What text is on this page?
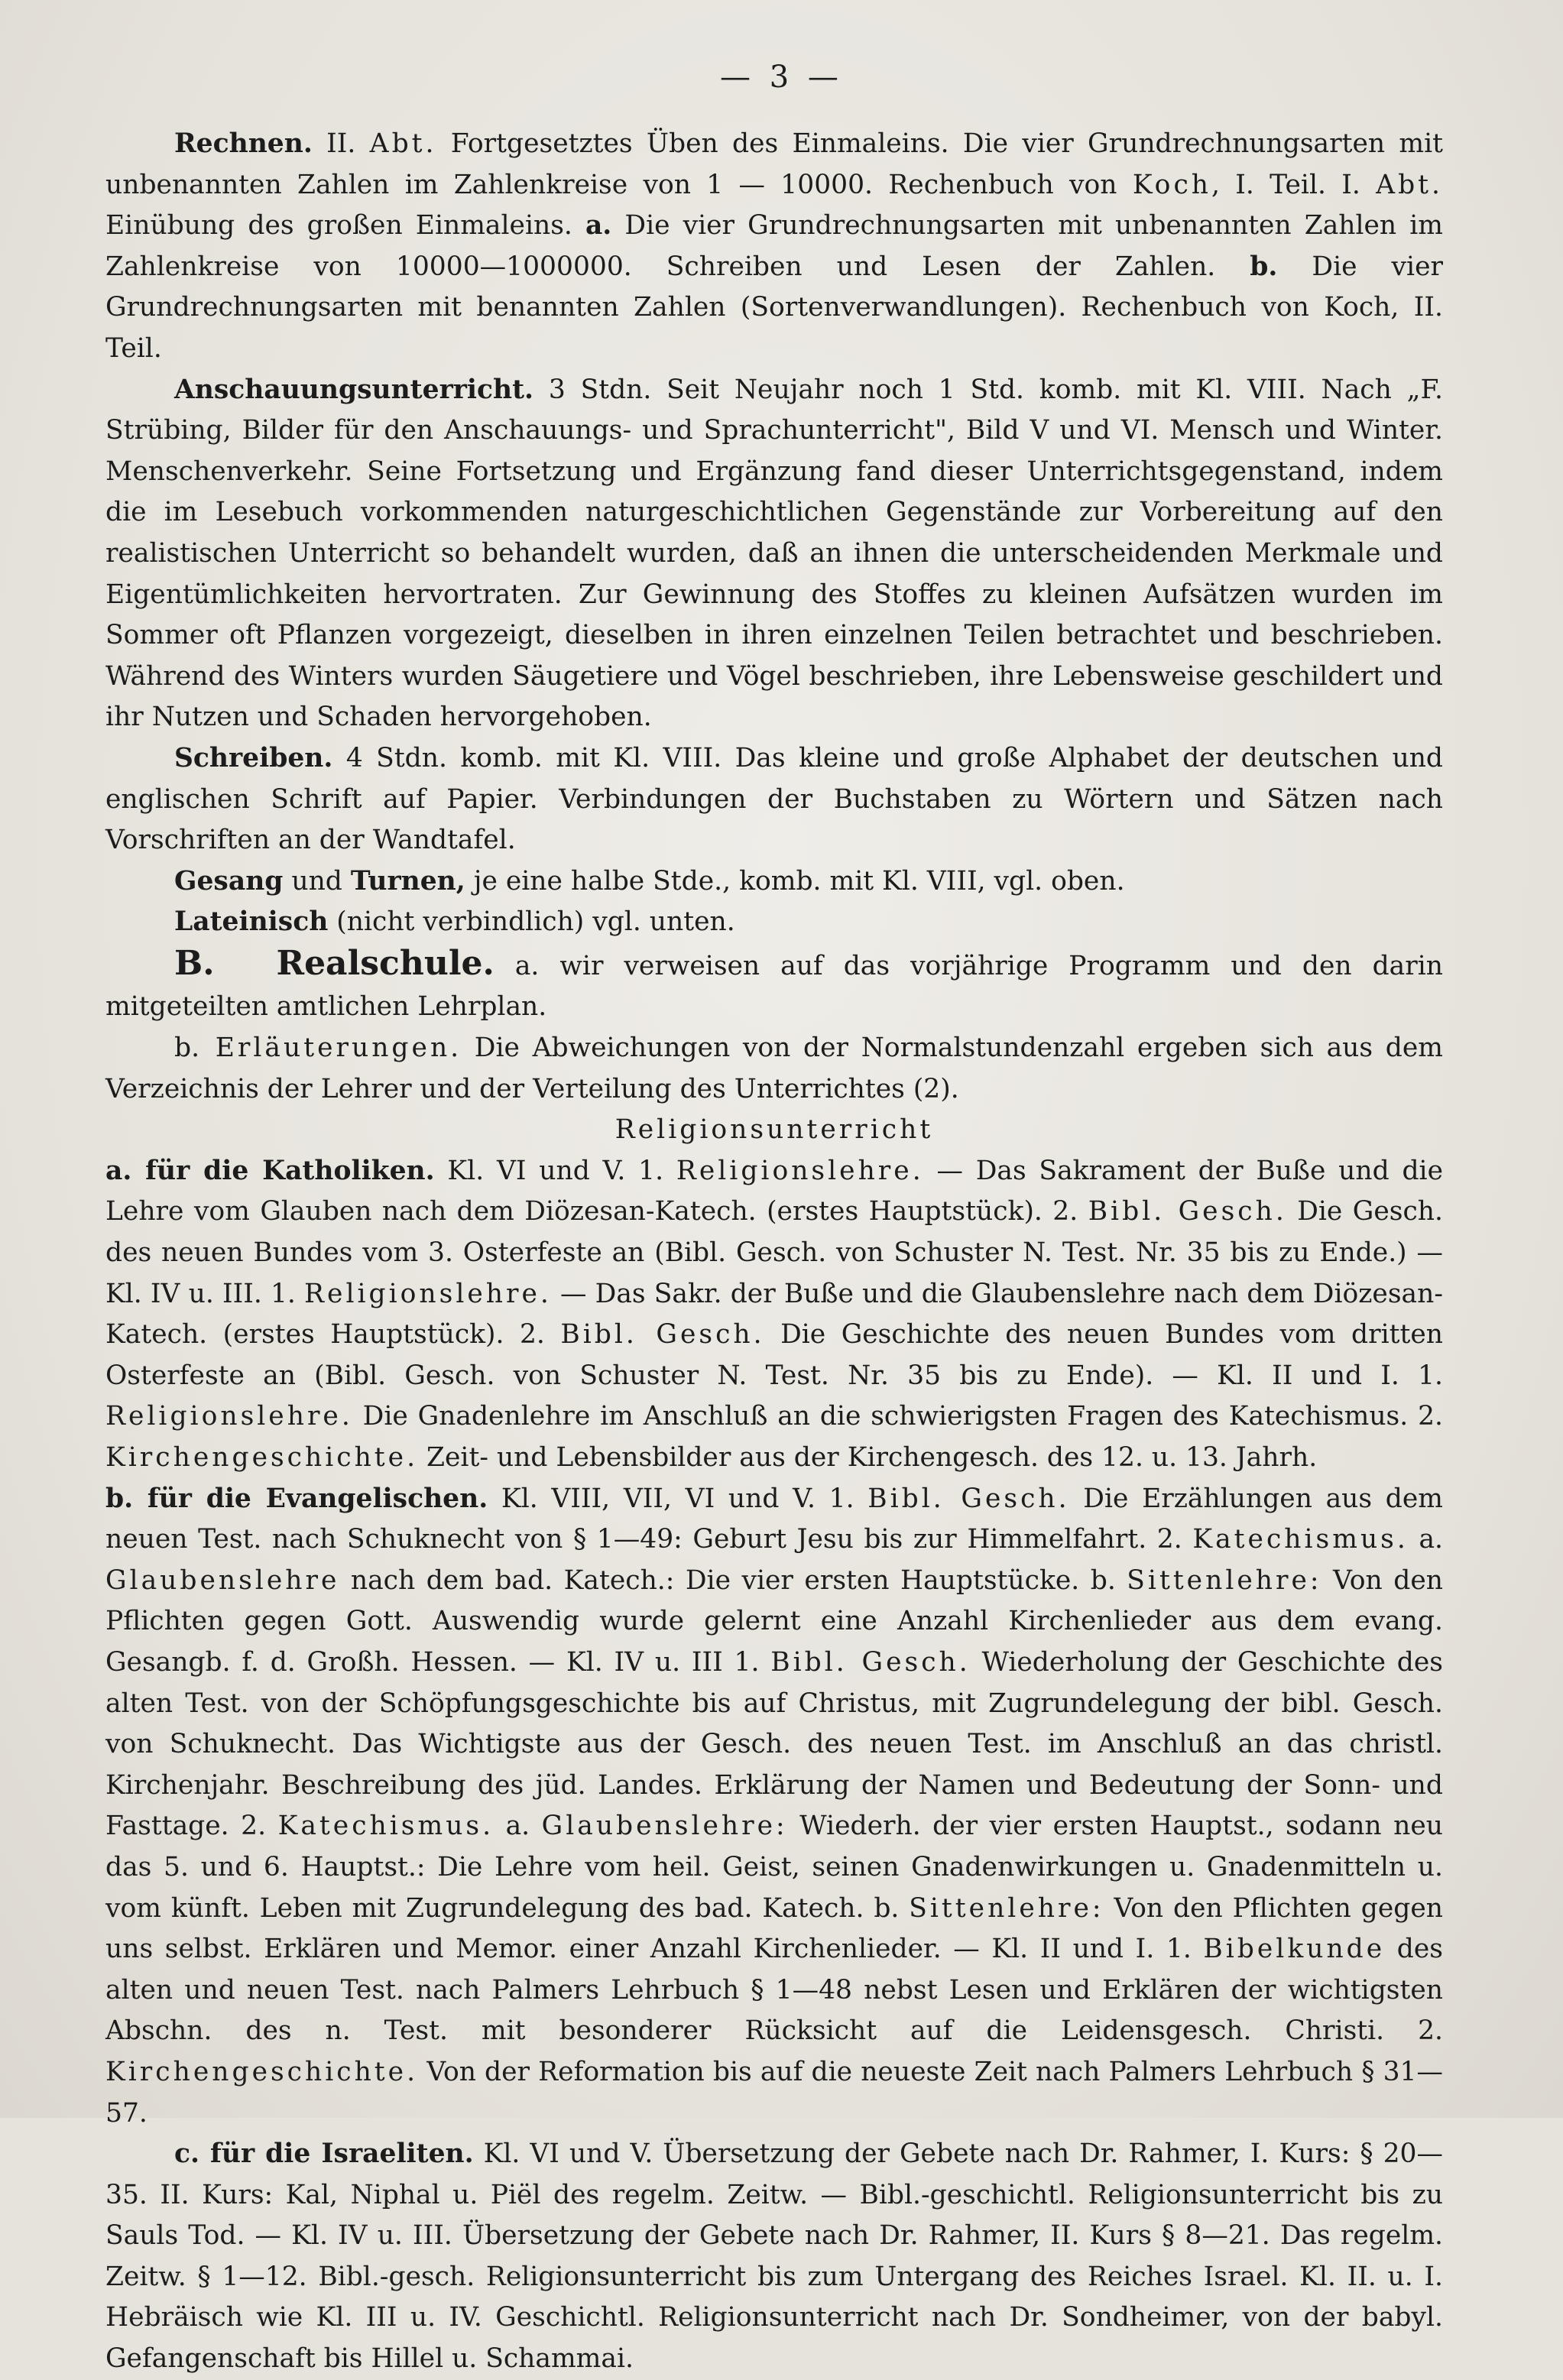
— 3 —

Rechnen. II. Abt. Fortgesetztes Üben des Einmaleins. Die vier Grundrechnungsarten mit unbenannten Zahlen im Zahlenkreise von 1 — 10000. Rechenbuch von Koch, I. Teil. I. Abt. Einübung des großen Einmaleins. a. Die vier Grundrechnungsarten mit unbenannten Zahlen im Zahlenkreise von 10000—1000000. Schreiben und Lesen der Zahlen. b. Die vier Grundrechnungsarten mit benannten Zahlen (Sortenverwandlungen). Rechenbuch von Koch, II. Teil.

Anschauungsunterricht. 3 Stdn. Seit Neujahr noch 1 Std. komb. mit Kl. VIII. Nach „F. Strübing, Bilder für den Anschauungs- und Sprachunterricht", Bild V und VI. Mensch und Winter. Menschenverkehr. Seine Fortsetzung und Ergänzung fand dieser Unterrichtsgegenstand, indem die im Lesebuch vorkommenden naturgeschichtlichen Gegenstände zur Vorbereitung auf den realistischen Unterricht so behandelt wurden, daß an ihnen die unterscheidenden Merkmale und Eigentümlichkeiten hervortraten. Zur Gewinnung des Stoffes zu kleinen Aufsätzen wurden im Sommer oft Pflanzen vorgezeigt, dieselben in ihren einzelnen Teilen betrachtet und beschrieben. Während des Winters wurden Säugetiere und Vögel beschrieben, ihre Lebensweise geschildert und ihr Nutzen und Schaden hervorgehoben.

Schreiben. 4 Stdn. komb. mit Kl. VIII. Das kleine und große Alphabet der deutschen und englischen Schrift auf Papier. Verbindungen der Buchstaben zu Wörtern und Sätzen nach Vorschriften an der Wandtafel.

Gesang und Turnen, je eine halbe Stde., komb. mit Kl. VIII, vgl. oben.

Lateinisch (nicht verbindlich) vgl. unten.

B. Realschule. a. wir verweisen auf das vorjährige Programm und den darin mitgeteilten amtlichen Lehrplan.

b. Erläuterungen. Die Abweichungen von der Normalstundenzahl ergeben sich aus dem Verzeichnis der Lehrer und der Verteilung des Unterrichtes (2).

Religionsunterricht

a. für die Katholiken. Kl. VI und V. 1. Religionslehre. — Das Sakrament der Buße und die Lehre vom Glauben nach dem Diözesan-Katech. (erstes Hauptstück). 2. Bibl. Gesch. Die Gesch. des neuen Bundes vom 3. Osterfeste an (Bibl. Gesch. von Schuster N. Test. Nr. 35 bis zu Ende.) — Kl. IV u. III. 1. Religionslehre. — Das Sakr. der Buße und die Glaubenslehre nach dem Diözesan-Katech. (erstes Hauptstück). 2. Bibl. Gesch. Die Geschichte des neuen Bundes vom dritten Osterfeste an (Bibl. Gesch. von Schuster N. Test. Nr. 35 bis zu Ende). — Kl. II und I. 1. Religionslehre. Die Gnadenlehre im Anschluß an die schwierigsten Fragen des Katechismus. 2. Kirchengeschichte. Zeit- und Lebensbilder aus der Kirchengesch. des 12. u. 13. Jahrh.

b. für die Evangelischen. Kl. VIII, VII, VI und V. 1. Bibl. Gesch. Die Erzählungen aus dem neuen Test. nach Schuknecht von § 1—49: Geburt Jesu bis zur Himmelfahrt. 2. Katechismus. a. Glaubenslehre nach dem bad. Katech.: Die vier ersten Hauptstücke. b. Sittenlehre: Von den Pflichten gegen Gott. Auswendig wurde gelernt eine Anzahl Kirchenlieder aus dem evang. Gesangb. f. d. Großh. Hessen. — Kl. IV u. III 1. Bibl. Gesch. Wiederholung der Geschichte des alten Test. von der Schöpfungsgeschichte bis auf Christus, mit Zugrundelegung der bibl. Gesch. von Schuknecht. Das Wichtigste aus der Gesch. des neuen Test. im Anschluß an das christl. Kirchenjahr. Beschreibung des jüd. Landes. Erklärung der Namen und Bedeutung der Sonn- und Fasttage. 2. Katechismus. a. Glaubenslehre: Wiederh. der vier ersten Hauptst., sodann neu das 5. und 6. Hauptst.: Die Lehre vom heil. Geist, seinen Gnadenwirkungen u. Gnadenmitteln u. vom künft. Leben mit Zugrundelegung des bad. Katech. b. Sittenlehre: Von den Pflichten gegen uns selbst. Erklären und Memor. einer Anzahl Kirchenlieder. — Kl. II und I. 1. Bibelkunde des alten und neuen Test. nach Palmers Lehrbuch § 1—48 nebst Lesen und Erklären der wichtigsten Abschn. des n. Test. mit besonderer Rücksicht auf die Leidensgesch. Christi. 2. Kirchengeschichte. Von der Reformation bis auf die neueste Zeit nach Palmers Lehrbuch § 31—57.

c. für die Israeliten. Kl. VI und V. Übersetzung der Gebete nach Dr. Rahmer, I. Kurs: § 20—35. II. Kurs: Kal, Niphal u. Piël des regelm. Zeitw. — Bibl.-geschichtl. Religionsunterricht bis zu Sauls Tod. — Kl. IV u. III. Übersetzung der Gebete nach Dr. Rahmer, II. Kurs § 8—21. Das regelm. Zeitw. § 1—12. Bibl.-gesch. Religionsunterricht bis zum Untergang des Reiches Israel. Kl. II. u. I. Hebräisch wie Kl. III u. IV. Geschichtl. Religionsunterricht nach Dr. Sondheimer, von der babyl. Gefangenschaft bis Hillel u. Schammai.
